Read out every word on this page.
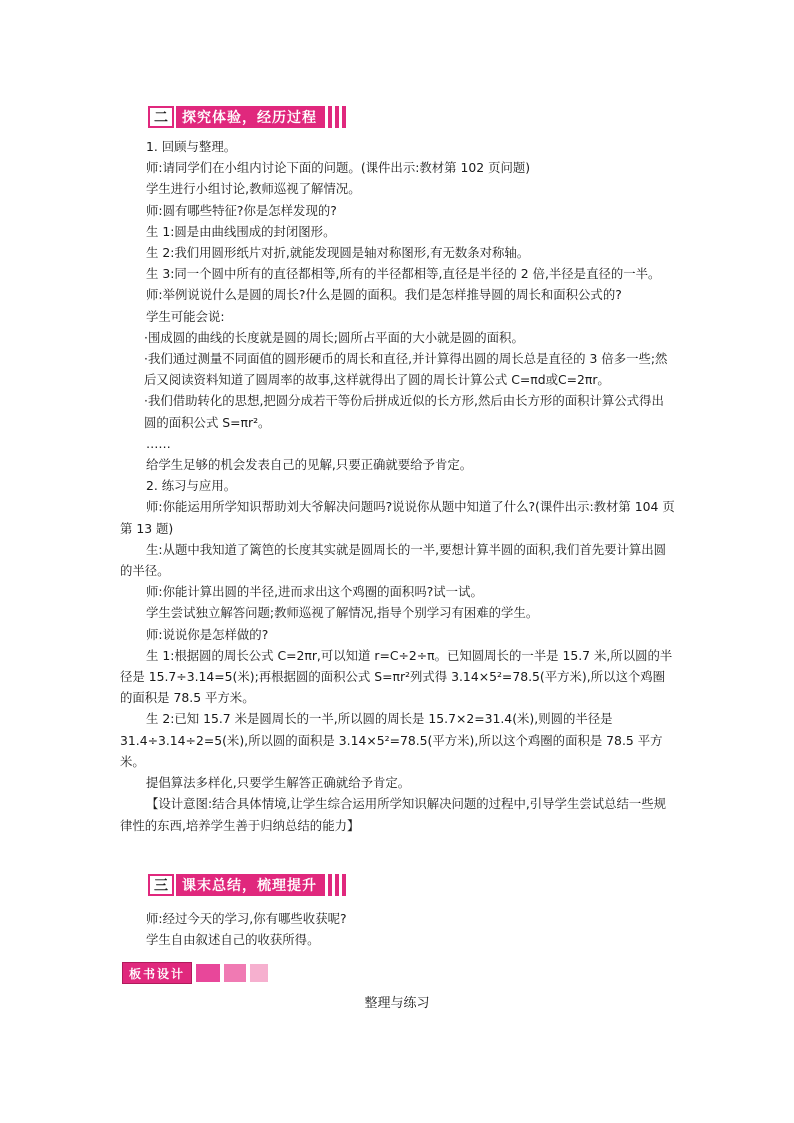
二	探究体验，经历过程

1. 回顾与整理。

师:请同学们在小组内讨论下面的问题。(课件出示:教材第 102 页问题)

学生进行小组讨论,教师巡视了解情况。

师:圆有哪些特征?你是怎样发现的?

生 1:圆是由曲线围成的封闭图形。

生 2:我们用圆形纸片对折,就能发现圆是轴对称图形,有无数条对称轴。

生 3:同一个圆中所有的直径都相等,所有的半径都相等,直径是半径的 2 倍,半径是直径的一半。

师:举例说说什么是圆的周长?什么是圆的面积。我们是怎样推导圆的周长和面积公式的?

学生可能会说:

·围成圆的曲线的长度就是圆的周长;圆所占平面的大小就是圆的面积。

·我们通过测量不同面值的圆形硬币的周长和直径,并计算得出圆的周长总是直径的 3 倍多一些;然后又阅读资料知道了圆周率的故事,这样就得出了圆的周长计算公式 C=πd或C=2πr。

·我们借助转化的思想,把圆分成若干等份后拼成近似的长方形,然后由长方形的面积计算公式得出圆的面积公式 S=πr²。

……

给学生足够的机会发表自己的见解,只要正确就要给予肯定。

2. 练习与应用。

师:你能运用所学知识帮助刘大爷解决问题吗?说说你从题中知道了什么?(课件出示:教材第 104 页第 13 题)

生:从题中我知道了篱笆的长度其实就是圆周长的一半,要想计算半圆的面积,我们首先要计算出圆的半径。

师:你能计算出圆的半径,进而求出这个鸡圈的面积吗?试一试。

学生尝试独立解答问题;教师巡视了解情况,指导个别学习有困难的学生。

师:说说你是怎样做的?

生 1:根据圆的周长公式 C=2πr,可以知道 r=C÷2÷π。已知圆周长的一半是 15.7 米,所以圆的半径是 15.7÷3.14=5(米);再根据圆的面积公式 S=πr²列式得 3.14×5²=78.5(平方米),所以这个鸡圈的面积是 78.5 平方米。

生 2:已知 15.7 米是圆周长的一半,所以圆的周长是 15.7×2=31.4(米),则圆的半径是 31.4÷3.14÷2=5(米),所以圆的面积是 3.14×5²=78.5(平方米),所以这个鸡圈的面积是 78.5 平方米。

提倡算法多样化,只要学生解答正确就给予肯定。

【设计意图:结合具体情境,让学生综合运用所学知识解决问题的过程中,引导学生尝试总结一些规律性的东西,培养学生善于归纳总结的能力】

三	课末总结，梳理提升

师:经过今天的学习,你有哪些收获呢?

学生自由叙述自己的收获所得。

板书设计
整理与练习
